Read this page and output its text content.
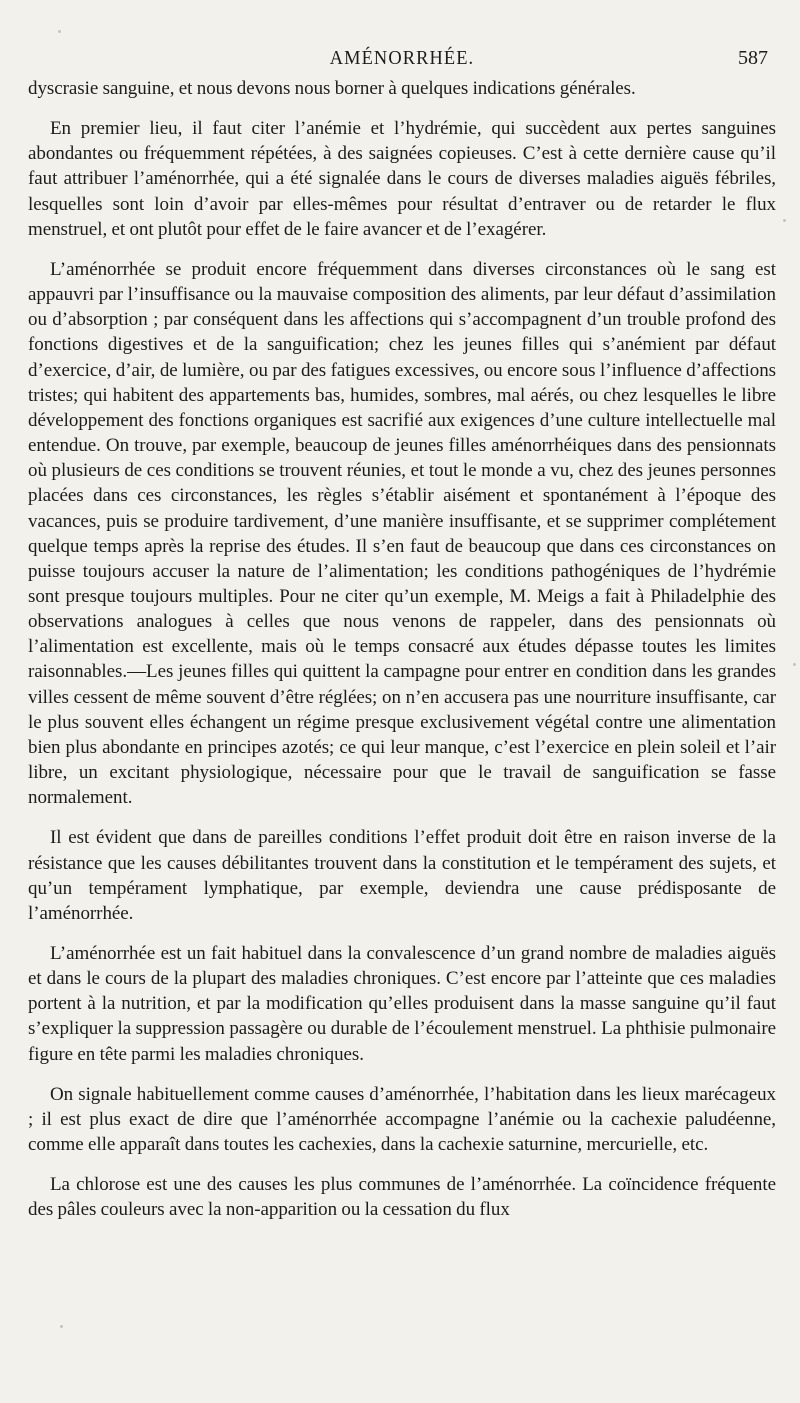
AMÉNORRHÉE.	587

dyscrasie sanguine, et nous devons nous borner à quelques indications générales.

En premier lieu, il faut citer l’anémie et l’hydrémie, qui succèdent aux pertes sanguines abondantes ou fréquemment répétées, à des saignées copieuses. C’est à cette dernière cause qu’il faut attribuer l’aménorrhée, qui a été signalée dans le cours de diverses maladies aiguës fébriles, lesquelles sont loin d’avoir par elles-mêmes pour résultat d’entraver ou de retarder le flux menstruel, et ont plutôt pour effet de le faire avancer et de l’exagérer.

L’aménorrhée se produit encore fréquemment dans diverses circonstances où le sang est appauvri par l’insuffisance ou la mauvaise composition des aliments, par leur défaut d’assimilation ou d’absorption ; par conséquent dans les affections qui s’accompagnent d’un trouble profond des fonctions digestives et de la sanguification; chez les jeunes filles qui s’anémient par défaut d’exercice, d’air, de lumière, ou par des fatigues excessives, ou encore sous l’influence d’affections tristes; qui habitent des appartements bas, humides, sombres, mal aérés, ou chez lesquelles le libre développement des fonctions organiques est sacrifié aux exigences d’une culture intellectuelle mal entendue. On trouve, par exemple, beaucoup de jeunes filles aménorrhéiques dans des pensionnats où plusieurs de ces conditions se trouvent réunies, et tout le monde a vu, chez des jeunes personnes placées dans ces circonstances, les règles s’établir aisément et spontanément à l’époque des vacances, puis se produire tardivement, d’une manière insuffisante, et se supprimer complétement quelque temps après la reprise des études. Il s’en faut de beaucoup que dans ces circonstances on puisse toujours accuser la nature de l’alimentation; les conditions pathogéniques de l’hydrémie sont presque toujours multiples. Pour ne citer qu’un exemple, M. Meigs a fait à Philadelphie des observations analogues à celles que nous venons de rappeler, dans des pensionnats où l’alimentation est excellente, mais où le temps consacré aux études dépasse toutes les limites raisonnables.—Les jeunes filles qui quittent la campagne pour entrer en condition dans les grandes villes cessent de même souvent d’être réglées; on n’en accusera pas une nourriture insuffisante, car le plus souvent elles échangent un régime presque exclusivement végétal contre une alimentation bien plus abondante en principes azotés; ce qui leur manque, c’est l’exercice en plein soleil et l’air libre, un excitant physiologique, nécessaire pour que le travail de sanguification se fasse normalement.

Il est évident que dans de pareilles conditions l’effet produit doit être en raison inverse de la résistance que les causes débilitantes trouvent dans la constitution et le tempérament des sujets, et qu’un tempérament lymphatique, par exemple, deviendra une cause prédisposante de l’aménorrhée.

L’aménorrhée est un fait habituel dans la convalescence d’un grand nombre de maladies aiguës et dans le cours de la plupart des maladies chroniques. C’est encore par l’atteinte que ces maladies portent à la nutrition, et par la modification qu’elles produisent dans la masse sanguine qu’il faut s’expliquer la suppression passagère ou durable de l’écoulement menstruel. La phthisie pulmonaire figure en tête parmi les maladies chroniques.

On signale habituellement comme causes d’aménorrhée, l’habitation dans les lieux marécageux ; il est plus exact de dire que l’aménorrhée accompagne l’anémie ou la cachexie paludéenne, comme elle apparaît dans toutes les cachexies, dans la cachexie saturnine, mercurielle, etc.

La chlorose est une des causes les plus communes de l’aménorrhée. La coïncidence fréquente des pâles couleurs avec la non-apparition ou la cessation du flux
